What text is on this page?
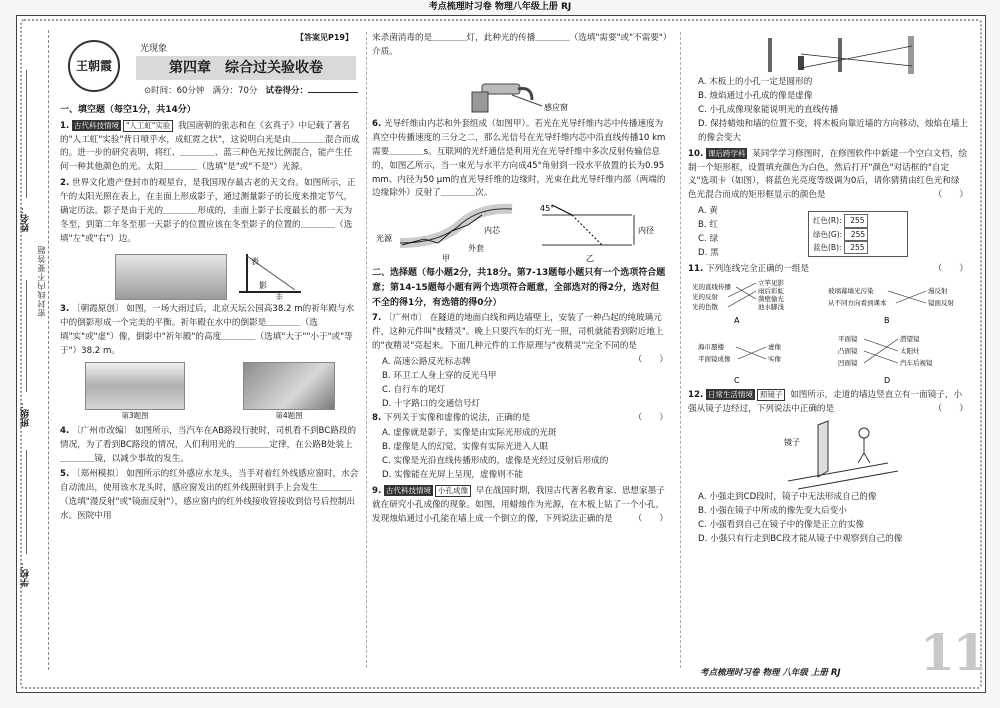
考点梳理时习卷 物理八年级上册 RJ
姓名：
班级：
学校：
密封线内不要答题
王朝霞
【答案见P19】
光现象
第四章　综合过关验收卷
⊙时间：60分钟 满分：70分 试卷得分：
一、填空题（每空1分，共14分）
1. 古代科技情境 "人工虹"实验 我国唐朝的张志和在《玄真子》中记载了著名的"人工虹"实验"背日喷乎水，成虹霓之状"，这说明白光是由＿＿＿＿混合而成的。进一步的研究表明，将红、＿＿＿＿、蓝三种色光按比例混合，能产生任何一种其他颜色的光。太阳＿＿＿＿（选填"是"或"不是"）光源。
2. 世界文化遗产登封市的观星台，是我国现存最古老的天文台。如图所示，正午的太阳光照在表上，在圭面上形成影子，通过测量影子的长度来推定节气，确定历法。影子是由于光的＿＿＿＿形成的，圭面上影子长度最长的那一天为冬至，到第二年冬至那一天影子的位置应该在冬至影子的位置的＿＿＿＿（选填"左"或"右"）边。
表
影
圭
3. 〔朝霞原创〕 如图，一场大雨过后，北京天坛公园高38.2 m的祈年殿与水中的倒影形成一个完美的平衡。祈年殿在水中的倒影是＿＿＿＿（选填"实"或"虚"）像，倒影中"祈年殿"的高度＿＿＿＿（选填"大于""小于"或"等于"）38.2 m。
第3题图	第4题图
4. 〔广州市改编〕 如图所示，当汽车在AB路段行驶时，司机看不到BC路段的情况，为了看到BC路段的情况，人们利用光的＿＿＿＿定律，在公路B处装上＿＿＿＿镜，以减少事故的发生。
5. 〔郑州模拟〕 如图所示的红外感应水龙头，当手对着红外线感应窗时，水会自动流出，使用该水龙头时，感应窗发出的红外线照射到手上会发生＿＿＿＿（选填"漫反射"或"镜面反射"），感应窗内的红外线接收管接收到信号后控制出水。医院中用
来杀菌消毒的是＿＿＿＿灯，此种光的传播＿＿＿＿（选填"需要"或"不需要"）介质。
感应窗
6. 光导纤维由内芯和外套组成（如图甲）。若光在光导纤维内芯中传播速度为真空中传播速度的三分之二，那么光信号在光导纤维内芯中沿直线传播10 km需要＿＿＿＿s。互联网的光纤通信是利用光在光导纤维中多次反射传输信息的，如图乙所示，当一束光与水平方向成45°角射到一段水平放置的长为0.95 mm、内径为50 μm的直光导纤维的边缘时，光束在此光导纤维内部（两端的边缘除外）反射了＿＿＿＿次。
光源
内芯
外套
甲
45°
内径
乙
二、选择题（每小题2分，共18分。第7-13题每小题只有一个选项符合题意；第14-15题每小题有两个选项符合题意，全部选对的得2分，选对但不全的得1分，有选错的得0分）
7. 〔广州市〕 在隧道的地面白线和两边墙壁上，安装了一种凸起的纯玻璃元件，这种元件叫"夜精灵"。晚上只要汽车的灯光一照，司机就能看到附近地上的"夜精灵"亮起来。下面几种元件的工作原理与"夜精灵"完全不同的是
（　　）
A. 高速公路反光标志牌
B. 环卫工人身上穿的反光马甲
C. 自行车的尾灯
D. 十字路口的交通信号灯
8. 下列关于实像和虚像的说法，正确的是	（　　）
A. 虚像就是影子，实像是由实际光形成的光斑
B. 虚像是人的幻觉，实像有实际光进入人眼
C. 实像是光沿直线传播形成的，虚像是光经过反射后形成的
D. 实像能在光屏上呈现，虚像则不能
9. 古代科技情境 小孔成像 早在战国时期，我国古代著名教育家、思想家墨子就在研究小孔成像的现象。如图，用蜡烛作为光源，在木板上钻了一个小孔，发现烛焰通过小孔能在墙上成一个倒立的像，下列说法正确的是 （　　）
A. 木板上的小孔一定是圆形的
B. 烛焰通过小孔成的像是虚像
C. 小孔成像现象能说明光的直线传播
D. 保持蜡烛和墙的位置不变，将木板向靠近墙的方向移动，烛焰在墙上的像会变大
10. 课后跨学科 某同学学习修图时，在修图软件中新建一个空白文档，绘制一个矩形框，设置填充颜色为白色，然后打开"颜色"对话框的"自定义"选项卡（如图），将蓝色光亮度等级调为0后，请你猜猜由红色光和绿色光混合而成的矩形框显示的颜色是	（　　）
A. 黄
B. 红
C. 绿
D. 黑
红色(R): 255
绿色(G): 255
蓝色(B): 255
11. 下列连线完全正确的一组是	（　　）
光的直线传播
光的反射
光的色散
立竿见影
雨后彩虹
凿壁偷光
池水脚浅
A
玻璃幕墙光污染
从不同方向看到课本
漫反射
镜面反射
B
海市蜃楼
平面镜成像
虚像
实像
C
平面镜
凸面镜
凹面镜
潜望镜
太阳灶
汽车后视镜
D
12. 日常生活情境 照镜子 如图所示，走道的墙边竖直立有一面镜子，小强从镜子边经过，下列说法中正确的是	（　　）
镜子
A. 小强走到CD段时，镜子中无法形成自己的像
B. 小强在镜子中所成的像先变大后变小
C. 小强看到自己在镜子中的像是正立的实像
D. 小强只有行走到BC段才能从镜子中观察到自己的像
考点梳理时习卷 物理 八年级 上册 RJ 11
